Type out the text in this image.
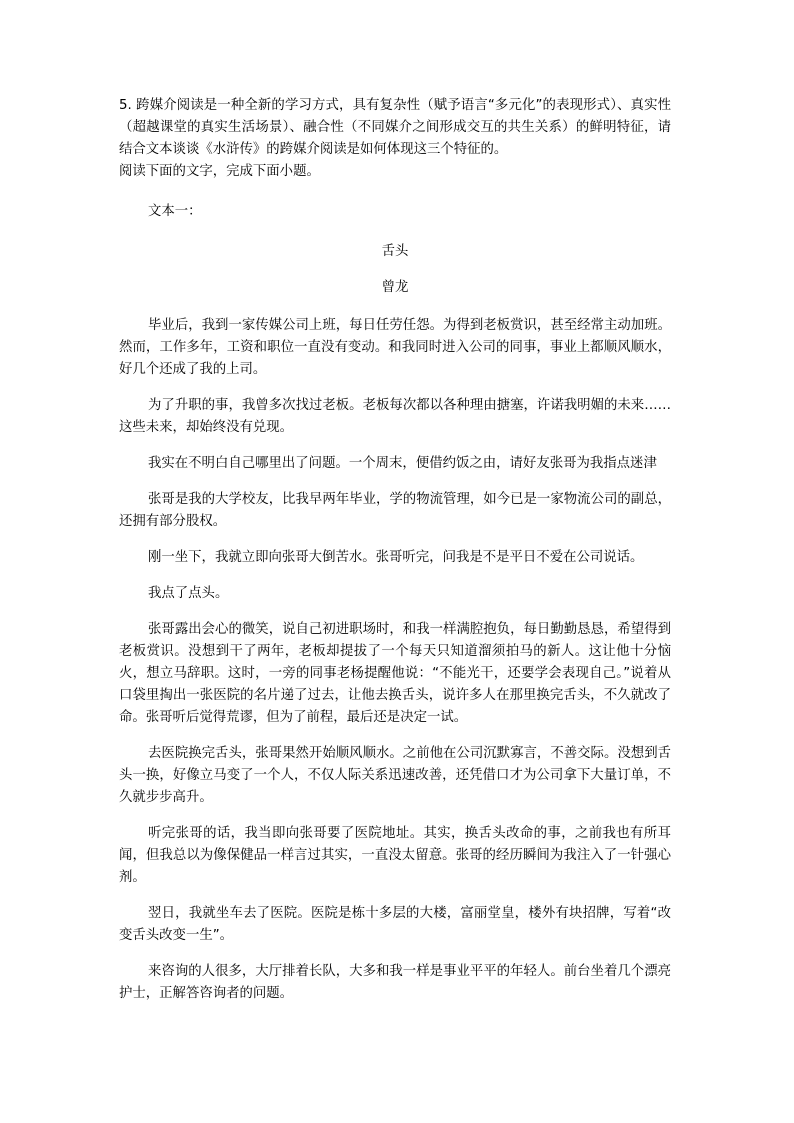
5. 跨媒介阅读是一种全新的学习方式，具有复杂性（赋予语言“多元化”的表现形式）、真实性（超越课堂的真实生活场景）、融合性（不同媒介之间形成交互的共生关系）的鲜明特征，请结合文本谈谈《水浒传》的跨媒介阅读是如何体现这三个特征的。

阅读下面的文字，完成下面小题。

文本一：

舌头

曾龙

毕业后，我到一家传媒公司上班，每日任劳任怨。为得到老板赏识，甚至经常主动加班。然而，工作多年，工资和职位一直没有变动。和我同时进入公司的同事，事业上都顺风顺水，好几个还成了我的上司。

为了升职的事，我曾多次找过老板。老板每次都以各种理由搪塞，许诺我明媚的未来……这些未来，却始终没有兑现。

我实在不明白自己哪里出了问题。一个周末，便借约饭之由，请好友张哥为我指点迷津

张哥是我的大学校友，比我早两年毕业，学的物流管理，如今已是一家物流公司的副总，还拥有部分股权。

刚一坐下，我就立即向张哥大倒苦水。张哥听完，问我是不是平日不爱在公司说话。

我点了点头。

张哥露出会心的微笑，说自己初进职场时，和我一样满腔抱负，每日勤勤恳恳，希望得到老板赏识。没想到干了两年，老板却提拔了一个每天只知道溜须拍马的新人。这让他十分恼火，想立马辞职。这时，一旁的同事老杨提醒他说：“不能光干，还要学会表现自己。”说着从口袋里掏出一张医院的名片递了过去，让他去换舌头，说许多人在那里换完舌头，不久就改了命。张哥听后觉得荒谬，但为了前程，最后还是决定一试。

去医院换完舌头，张哥果然开始顺风顺水。之前他在公司沉默寡言，不善交际。没想到舌头一换，好像立马变了一个人，不仅人际关系迅速改善，还凭借口才为公司拿下大量订单，不久就步步高升。

听完张哥的话，我当即向张哥要了医院地址。其实，换舌头改命的事，之前我也有所耳闻，但我总以为像保健品一样言过其实，一直没太留意。张哥的经历瞬间为我注入了一针强心剂。

翌日，我就坐车去了医院。医院是栋十多层的大楼，富丽堂皇，楼外有块招牌，写着“改变舌头改变一生”。

来咨询的人很多，大厅排着长队，大多和我一样是事业平平的年轻人。前台坐着几个漂亮护士，正解答咨询者的问题。
